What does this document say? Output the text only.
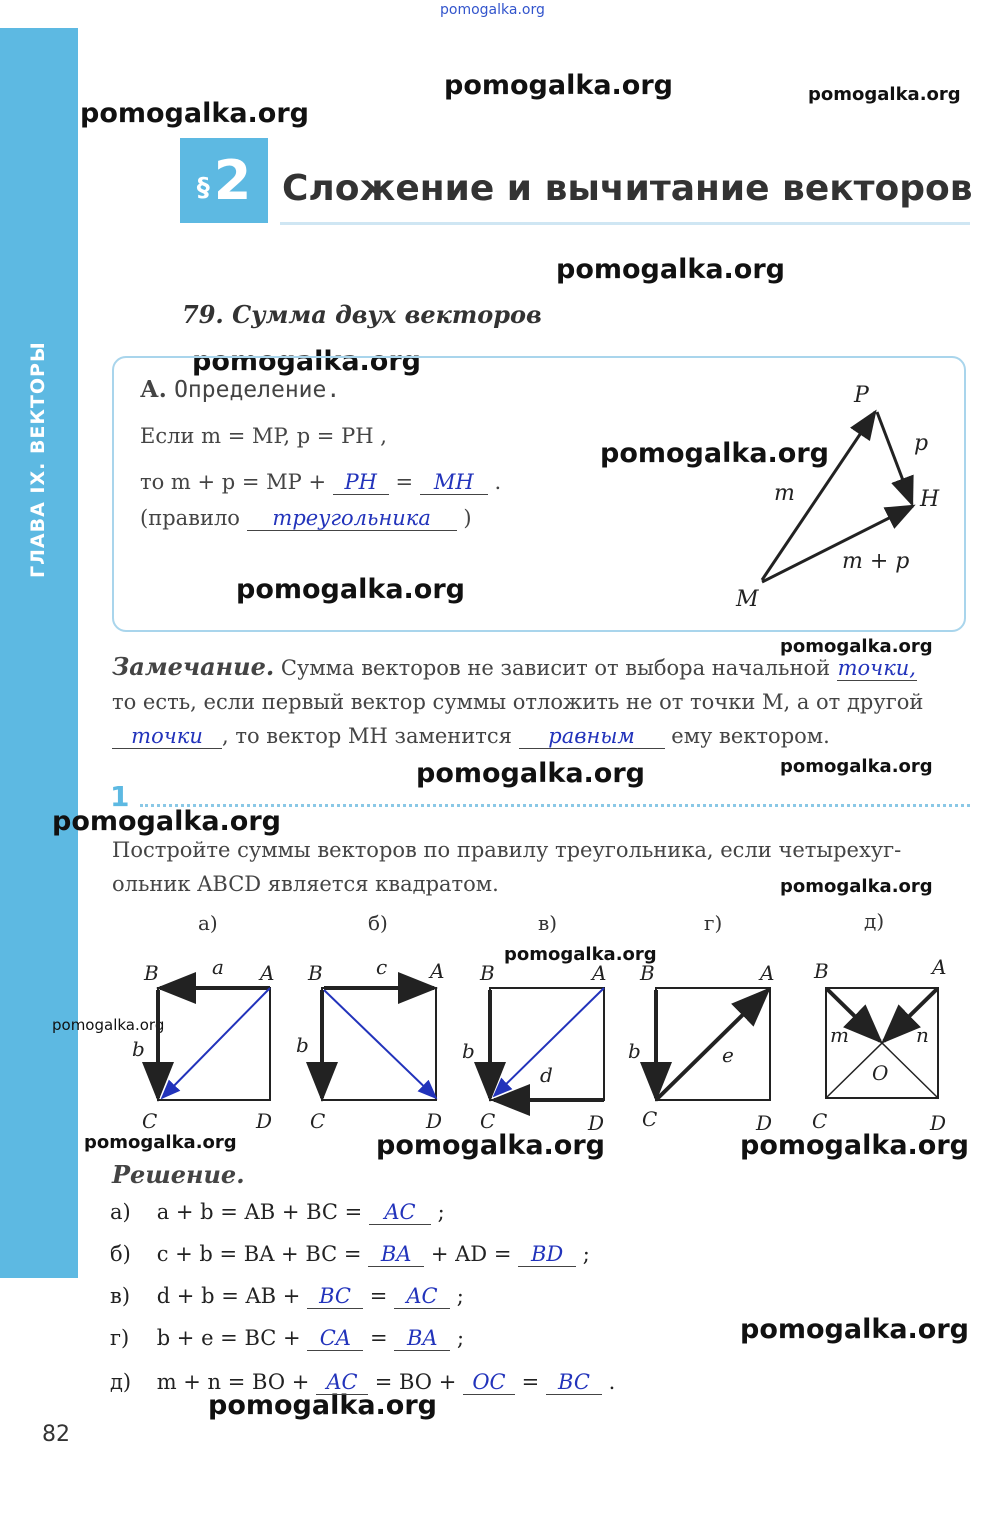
ГЛАВА IX. ВЕКТОРЫ
pomogalka.org
pomogalka.org	pomogalka.org
pomogalka.org
pomogalka.org
pomogalka.org
pomogalka.org
pomogalka.org
pomogalka.org
pomogalka.org	pomogalka.org
pomogalka.org
pomogalka.org
pomogalka.org
pomogalka.org
pomogalka.org	pomogalka.org	pomogalka.org
pomogalka.org
pomogalka.org
§ 2 Сложение и вычитание векторов
79. Сумма двух векторов
А. Определение.
Если m = MP, p = PH ,
то m + p = MP + PH = MH .
(правило треугольника )
P
H
M
m
p
m + p
Замечание. Сумма векторов не зависит от выбора начальной точки,
то есть, если первый вектор суммы отложить не от точки M, а от другой
точки , то вектор MH заменится равным ему вектором.
1
Постройте суммы векторов по правилу треугольника, если четырехуг-
ольник ABCD является квадратом.
а)
a
b
B	A
C	D
б)
c
b
B	A
C	D
в)
d
b
B	A
C	D
г)
e
b
B	A
C	D
д)
m	n
O
B	A
C	D
Решение.
а) a + b = AB + BC = AC ;
б) c + b = BA + BC = BA + AD = BD ;
в) d + b = AB + BC = AC ;
г) b + e = BC + CA = BA ;
д) m + n = BO + AC = BO + OC = BC .
82
